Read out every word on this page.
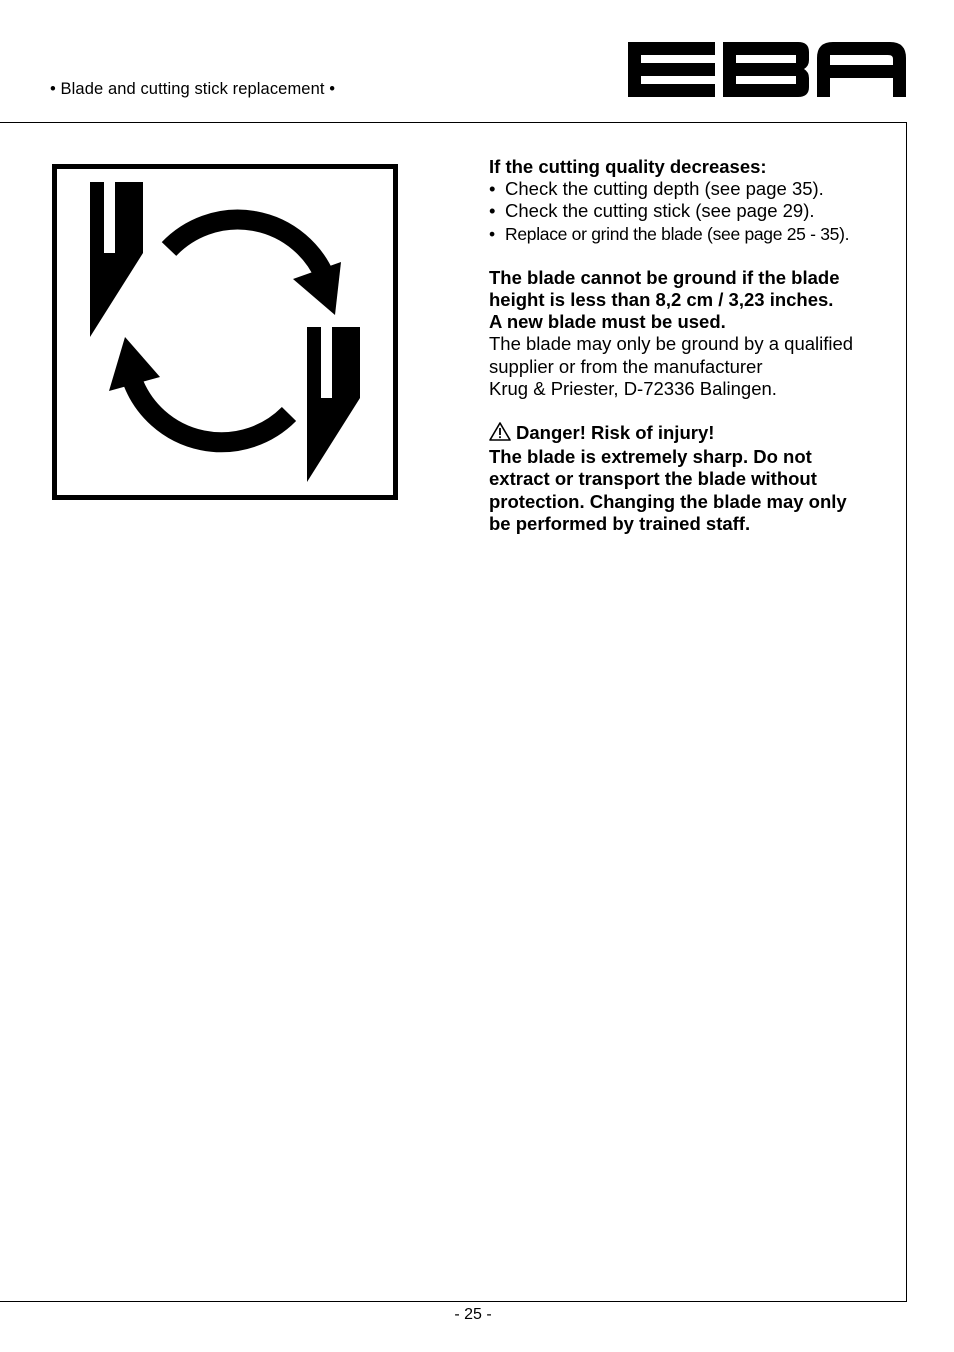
• Blade and cutting stick replacement •

If the cutting quality decreases:

• Check the cutting depth (see page 35).
• Check the cutting stick (see page 29).
• Replace or grind the blade (see page 25 - 35).

The blade cannot be ground if the blade

height is less than 8,2 cm / 3,23 inches.

A new blade must be used.

The blade may only be ground by a qualified

supplier or from the manufacturer

Krug & Priester, D-72336 Balingen.

Danger! Risk of injury!

The blade is extremely sharp. Do not

extract or transport the blade without

protection. Changing the blade may only

be performed by trained staff.

- 25 -
